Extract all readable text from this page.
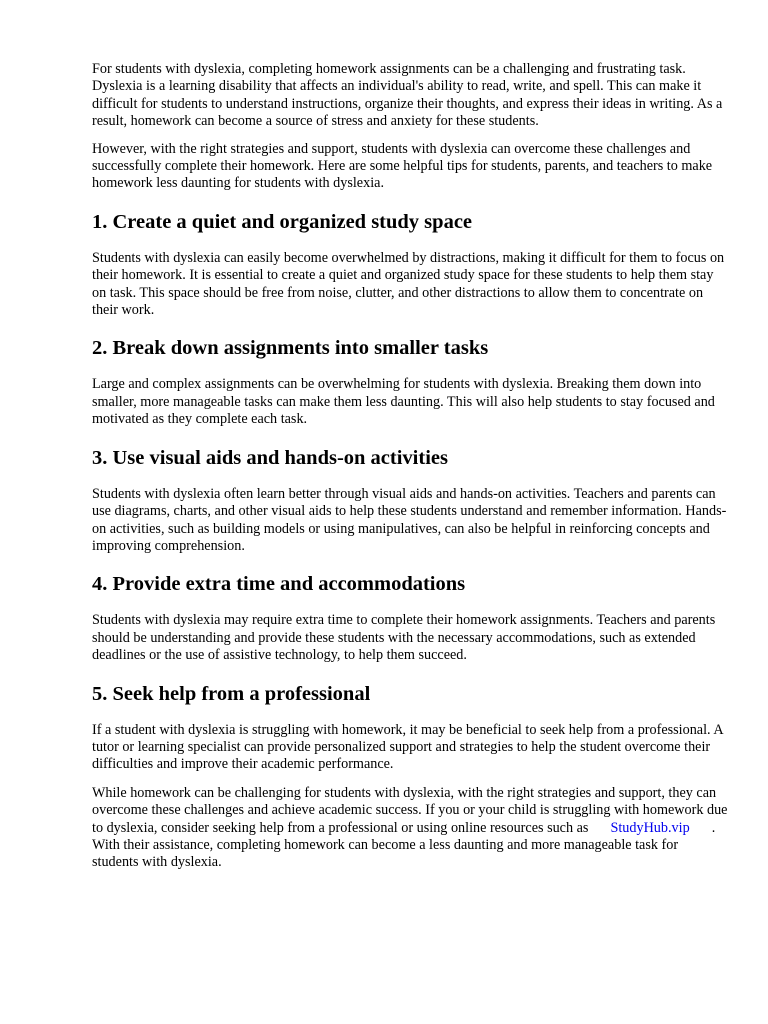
For students with dyslexia, completing homework assignments can be a challenging and frustrating task. Dyslexia is a learning disability that affects an individual's ability to read, write, and spell. This can make it difficult for students to understand instructions, organize their thoughts, and express their ideas in writing. As a result, homework can become a source of stress and anxiety for these students.

However, with the right strategies and support, students with dyslexia can overcome these challenges and successfully complete their homework. Here are some helpful tips for students, parents, and teachers to make homework less daunting for students with dyslexia.

1. Create a quiet and organized study space

Students with dyslexia can easily become overwhelmed by distractions, making it difficult for them to focus on their homework. It is essential to create a quiet and organized study space for these students to help them stay on task. This space should be free from noise, clutter, and other distractions to allow them to concentrate on their work.

2. Break down assignments into smaller tasks

Large and complex assignments can be overwhelming for students with dyslexia. Breaking them down into smaller, more manageable tasks can make them less daunting. This will also help students to stay focused and motivated as they complete each task.

3. Use visual aids and hands-on activities

Students with dyslexia often learn better through visual aids and hands-on activities. Teachers and parents can use diagrams, charts, and other visual aids to help these students understand and remember information. Hands-on activities, such as building models or using manipulatives, can also be helpful in reinforcing concepts and improving comprehension.

4. Provide extra time and accommodations

Students with dyslexia may require extra time to complete their homework assignments. Teachers and parents should be understanding and provide these students with the necessary accommodations, such as extended deadlines or the use of assistive technology, to help them succeed.

5. Seek help from a professional

If a student with dyslexia is struggling with homework, it may be beneficial to seek help from a professional. A tutor or learning specialist can provide personalized support and strategies to help the student overcome their difficulties and improve their academic performance.

While homework can be challenging for students with dyslexia, with the right strategies and support, they can overcome these challenges and achieve academic success. If you or your child is struggling with homework due to dyslexia, consider seeking help from a professional or using online resources such as StudyHub.vip . With their assistance, completing homework can become a less daunting and more manageable task for students with dyslexia.
